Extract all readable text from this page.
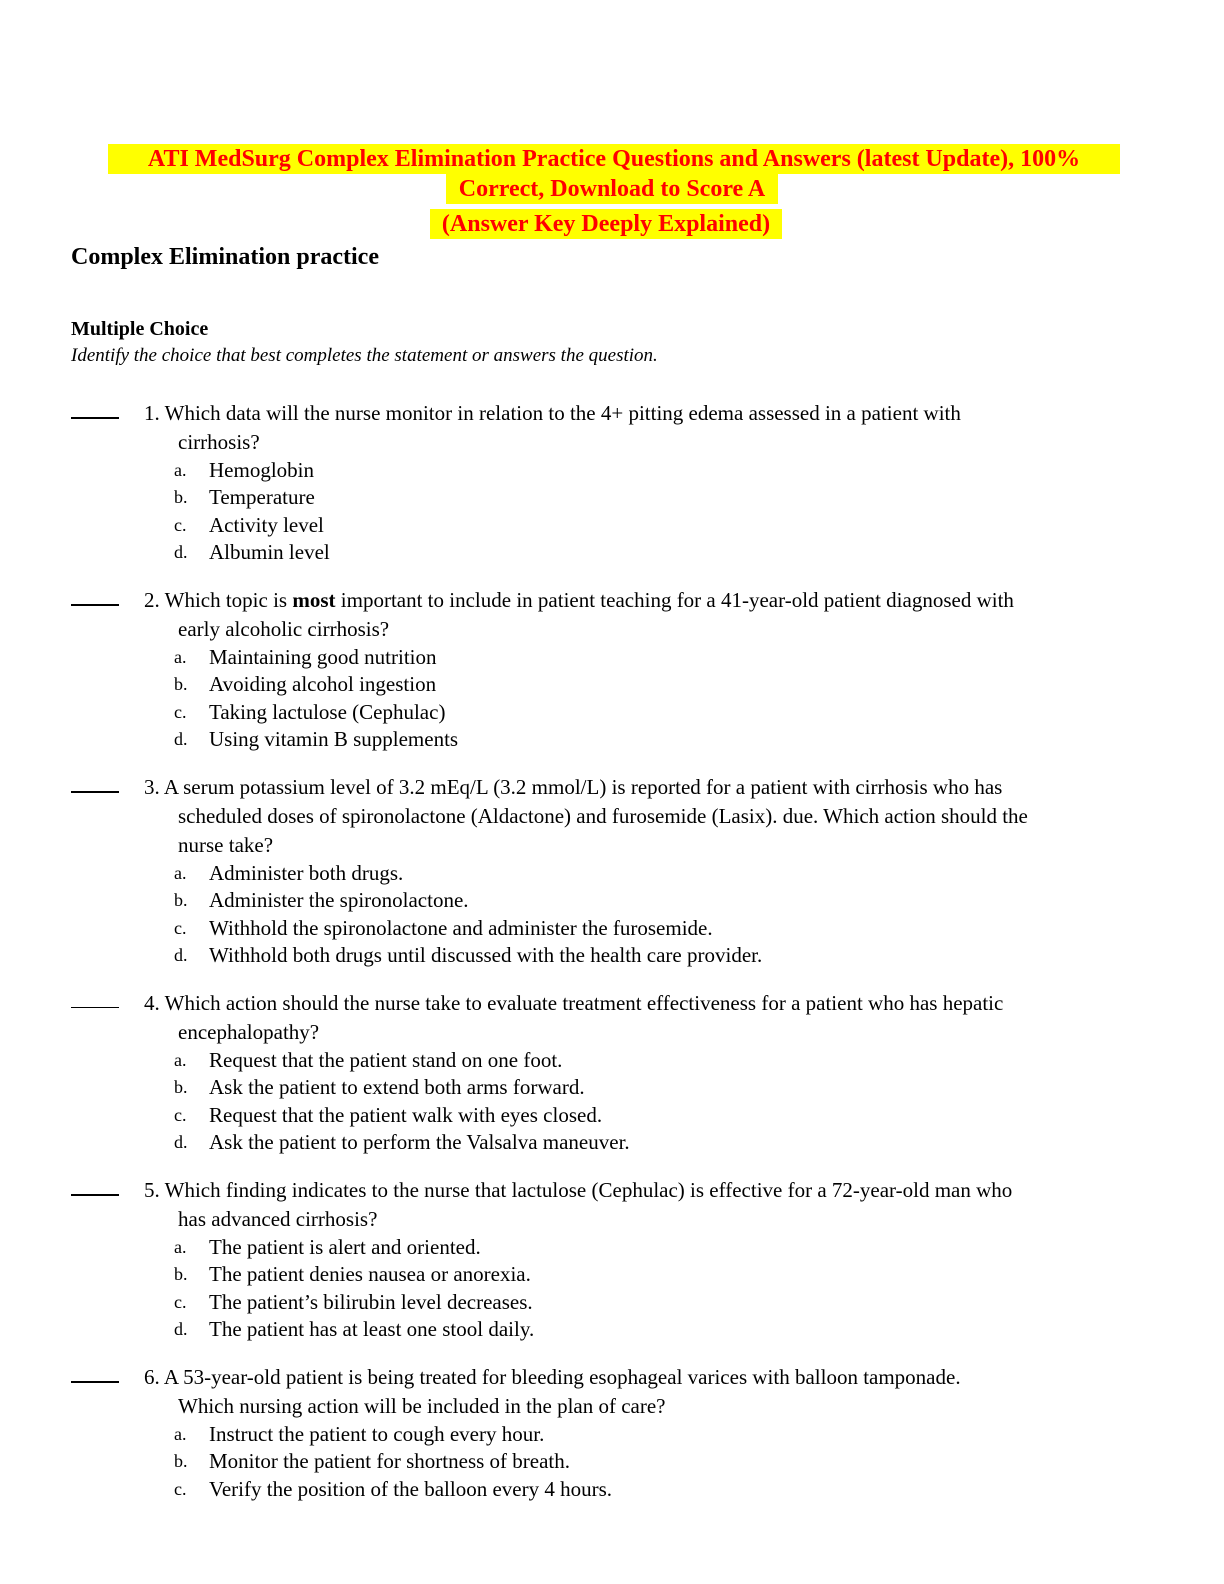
ATI MedSurg Complex Elimination Practice Questions and Answers (latest Update), 100%
Correct, Download to Score A
(Answer Key Deeply Explained)
Complex Elimination practice
Multiple Choice
Identify the choice that best completes the statement or answers the question.
1. Which data will the nurse monitor in relation to the 4+ pitting edema assessed in a patient with
cirrhosis?
a.	Hemoglobin
b.	Temperature
c.	Activity level
d.	Albumin level
2. Which topic is most important to include in patient teaching for a 41-year-old patient diagnosed with
early alcoholic cirrhosis?
a.	Maintaining good nutrition
b.	Avoiding alcohol ingestion
c.	Taking lactulose (Cephulac)
d.	Using vitamin B supplements
3. A serum potassium level of 3.2 mEq/L (3.2 mmol/L) is reported for a patient with cirrhosis who has
scheduled doses of spironolactone (Aldactone) and furosemide (Lasix). due. Which action should the
nurse take?
a.	Administer both drugs.
b.	Administer the spironolactone.
c.	Withhold the spironolactone and administer the furosemide.
d.	Withhold both drugs until discussed with the health care provider.
4. Which action should the nurse take to evaluate treatment effectiveness for a patient who has hepatic
encephalopathy?
a.	Request that the patient stand on one foot.
b.	Ask the patient to extend both arms forward.
c.	Request that the patient walk with eyes closed.
d.	Ask the patient to perform the Valsalva maneuver.
5. Which finding indicates to the nurse that lactulose (Cephulac) is effective for a 72-year-old man who
has advanced cirrhosis?
a.	The patient is alert and oriented.
b.	The patient denies nausea or anorexia.
c.	The patient’s bilirubin level decreases.
d.	The patient has at least one stool daily.
6. A 53-year-old patient is being treated for bleeding esophageal varices with balloon tamponade.
Which nursing action will be included in the plan of care?
a.	Instruct the patient to cough every hour.
b.	Monitor the patient for shortness of breath.
c.	Verify the position of the balloon every 4 hours.
